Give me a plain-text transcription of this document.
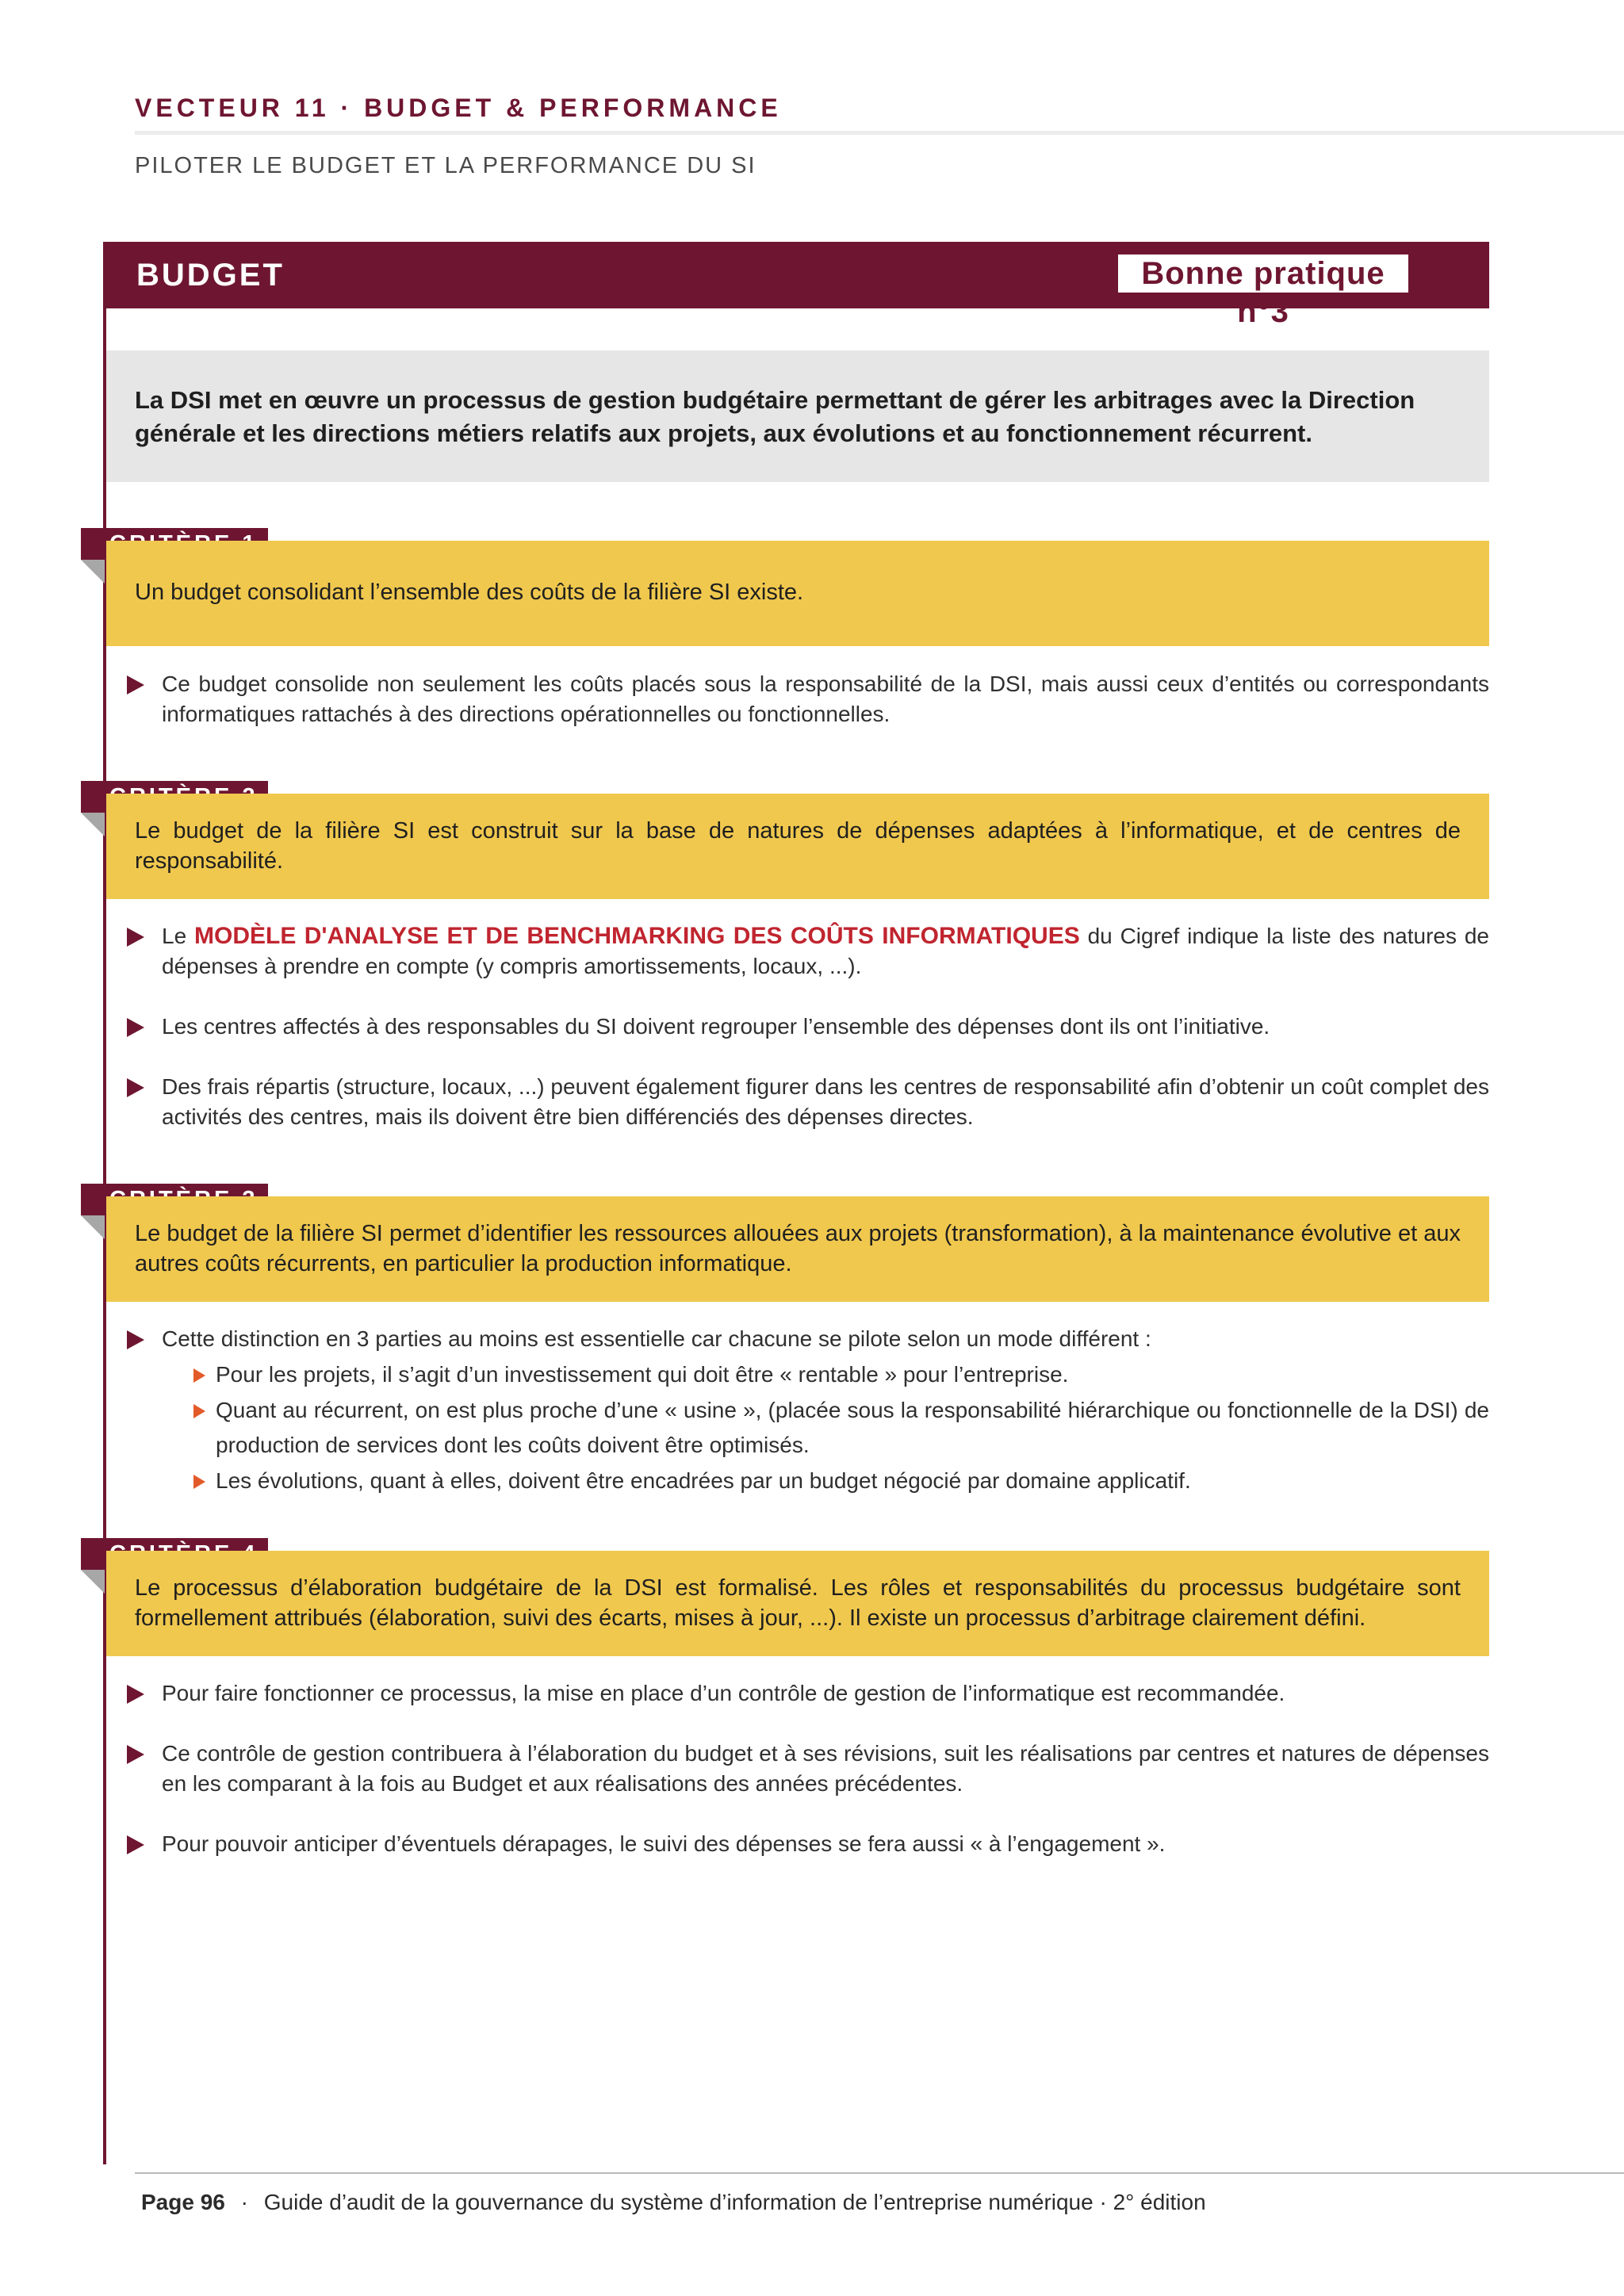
VECTEUR 11 · BUDGET & PERFORMANCE
PILOTER LE BUDGET ET LA PERFORMANCE DU SI
BUDGET	Bonne pratique n°3
La DSI met en œuvre un processus de gestion budgétaire permettant de gérer les arbitrages avec la Direction générale et les directions métiers relatifs aux projets, aux évolutions et au fonctionnement récurrent.
Un budget consolidant l’ensemble des coûts de la filière SI existe.
Ce budget consolide non seulement les coûts placés sous la responsabilité de la DSI, mais aussi ceux d’entités ou correspondants informatiques rattachés à des directions opérationnelles ou fonctionnelles.
Le budget de la filière SI est construit sur la base de natures de dépenses adaptées à l’informatique, et de centres de responsabilité.
Le MODÈLE D'ANALYSE ET DE BENCHMARKING DES COÛTS INFORMATIQUES du Cigref indique la liste des natures de dépenses à prendre en compte (y compris amortissements, locaux, ...).
Les centres affectés à des responsables du SI doivent regrouper l’ensemble des dépenses dont ils ont l’initiative.
Des frais répartis (structure, locaux, ...) peuvent également figurer dans les centres de responsabilité afin d’obtenir un coût complet des activités des centres, mais ils doivent être bien différenciés des dépenses directes.
Le budget de la filière SI permet d’identifier les ressources allouées aux projets (transformation), à la maintenance évolutive et aux autres coûts récurrents, en particulier la production informatique.
Cette distinction en 3 parties au moins est essentielle car chacune se pilote selon un mode différent :
Pour les projets, il s’agit d’un investissement qui doit être « rentable » pour l’entreprise.
Quant au récurrent, on est plus proche d’une « usine », (placée sous la responsabilité hiérarchique ou fonctionnelle de la DSI) de production de services dont les coûts doivent être optimisés.
Les évolutions, quant à elles, doivent être encadrées par un budget négocié par domaine applicatif.
Le processus d’élaboration budgétaire de la DSI est formalisé. Les rôles et responsabilités du processus budgétaire sont formellement attribués (élaboration, suivi des écarts, mises à jour, ...). Il existe un processus d’arbitrage clairement défini.
Pour faire fonctionner ce processus, la mise en place d’un contrôle de gestion de l’informatique est recommandée.
Ce contrôle de gestion contribuera à l’élaboration du budget et à ses révisions, suit les réalisations par centres et natures de dépenses en les comparant à la fois au Budget et aux réalisations des années précédentes.
Pour pouvoir anticiper d’éventuels dérapages, le suivi des dépenses se fera aussi « à l’engagement ».
Page 96 · Guide d’audit de la gouvernance du système d’information de l’entreprise numérique · 2° édition
